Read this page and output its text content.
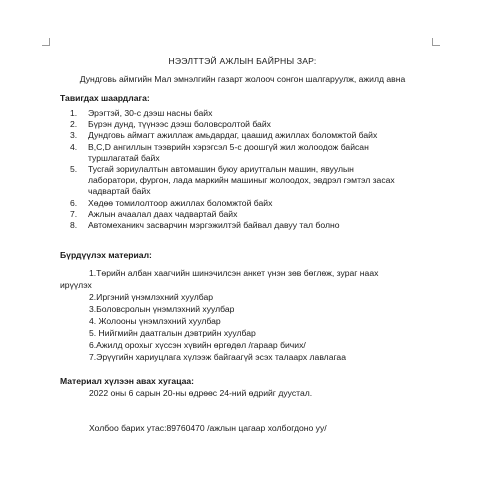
НЭЭЛТТЭЙ АЖЛЫН БАЙРНЫ ЗАР:
Дундговь аймгийн Мал эмнэлгийн газарт жолооч сонгон шалгаруулж, ажилд авна
Тавигдах шаардлага:
1. Эрэгтэй, 30-с дээш насны байх
2. Бүрэн дунд, түүнээс дээш боловсролтой байх
3. Дундговь аймагт ажиллаж амьдардаг, цаашид ажиллах боломжтой байх
4. B,C,D ангиллын тээврийн хэрэгсэл 5-с доошгүй жил жолоодож байсан
туршлагатай байх
5. Тусгай зориулалтын автомашин буюу ариутгалын машин, явуулын
лаборатори, фургон, лада маркийн машиныг жолоодох, эвдрэл гэмтэл засах
чадвартай байх
6. Хөдөө томилолтоор ажиллах боломжтой байх
7. Ажлын ачаалал даах чадвартай байх
8. Автомеханикч засварчин мэргэжилтэй байвал давуу тал болно
Бүрдүүлэх материал:
1.Төрийн албан хаагчийн шинэчилсэн анкет үнэн зөв бөглөж, зураг наах
ирүүлэх
2.Иргэний үнэмлэхний хуулбар
3.Боловсролын үнэмлэхний хуулбар
4. Жолооны үнэмлэхний хуулбар
5. Нийгмийн даатгалын дэвтрийн хуулбар
6.Ажилд орохыг хүссэн хүвийн өргөдөл /гараар бичих/
7.Эрүүгийн хариуцлага хүлээж байгаагүй эсэх талаарх лавлагаа
Материал хүлээн авах хугацаа:
2022 оны 6 сарын 20-ны өдрөөс 24-ний өдрийг дуустал.
Холбоо барих утас:89760470 /ажлын цагаар холбогдоно уу/
